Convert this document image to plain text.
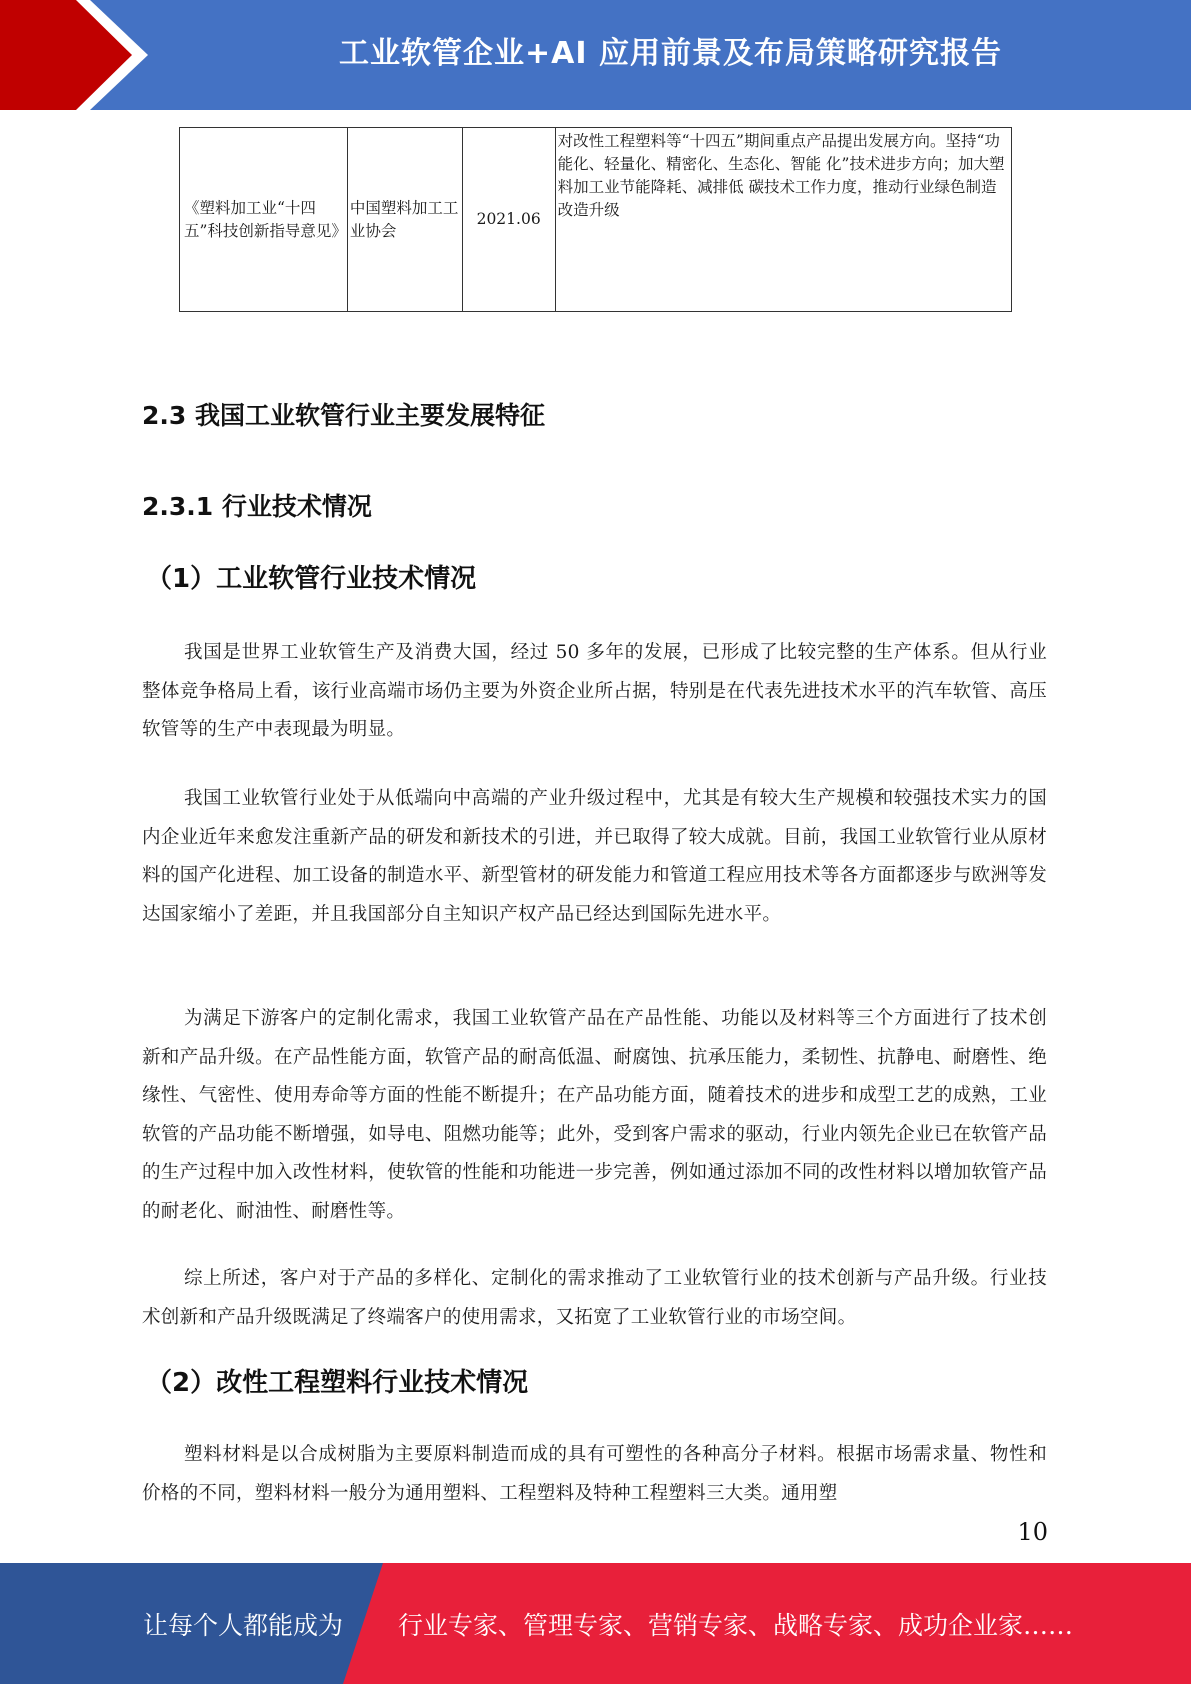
工业软管企业+AI 应用前景及布局策略研究报告
《塑料加工业“十四五”科技创新指导意见》	中国塑料加工工业协会	2021.06	对改性工程塑料等“十四五”期间重点产品提出发展方向。坚持“功能化、轻量化、精密化、生态化、智能 化”技术进步方向；加大塑料加工业节能降耗、减排低 碳技术工作力度，推动行业绿色制造改造升级
2.3 我国工业软管行业主要发展特征
2.3.1 行业技术情况
（1）工业软管行业技术情况

我国是世界工业软管生产及消费大国，经过 50 多年的发展，已形成了比较完整的生产体系。但从行业整体竞争格局上看，该行业高端市场仍主要为外资企业所占据，特别是在代表先进技术水平的汽车软管、高压软管等的生产中表现最为明显。

我国工业软管行业处于从低端向中高端的产业升级过程中，尤其是有较大生产规模和较强技术实力的国内企业近年来愈发注重新产品的研发和新技术的引进，并已取得了较大成就。目前，我国工业软管行业从原材料的国产化进程、加工设备的制造水平、新型管材的研发能力和管道工程应用技术等各方面都逐步与欧洲等发达国家缩小了差距，并且我国部分自主知识产权产品已经达到国际先进水平。

为满足下游客户的定制化需求，我国工业软管产品在产品性能、功能以及材料等三个方面进行了技术创新和产品升级。在产品性能方面，软管产品的耐高低温、耐腐蚀、抗承压能力，柔韧性、抗静电、耐磨性、绝缘性、气密性、使用寿命等方面的性能不断提升；在产品功能方面，随着技术的进步和成型工艺的成熟，工业软管的产品功能不断增强，如导电、阻燃功能等；此外，受到客户需求的驱动，行业内领先企业已在软管产品的生产过程中加入改性材料，使软管的性能和功能进一步完善，例如通过添加不同的改性材料以增加软管产品的耐老化、耐油性、耐磨性等。

综上所述，客户对于产品的多样化、定制化的需求推动了工业软管行业的技术创新与产品升级。行业技术创新和产品升级既满足了终端客户的使用需求，又拓宽了工业软管行业的市场空间。

（2）改性工程塑料行业技术情况

塑料材料是以合成树脂为主要原料制造而成的具有可塑性的各种高分子材料。根据市场需求量、物性和价格的不同，塑料材料一般分为通用塑料、工程塑料及特种工程塑料三大类。通用塑

10
让每个人都能成为 行业专家、管理专家、营销专家、战略专家、成功企业家……
